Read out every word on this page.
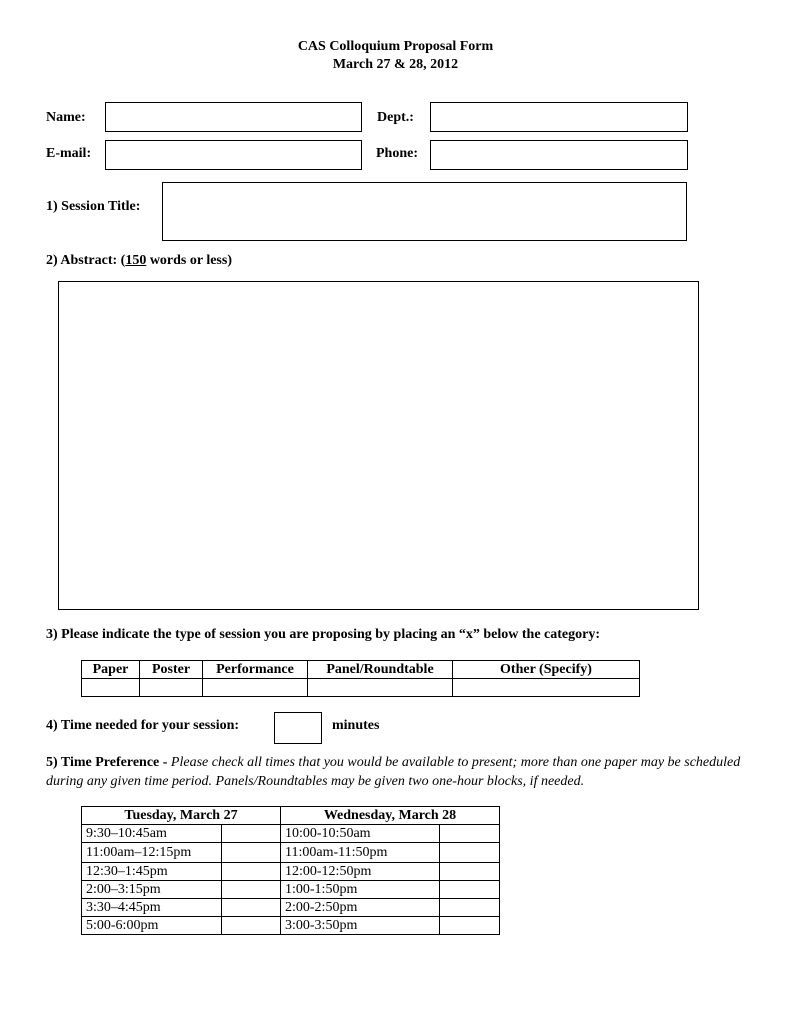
CAS Colloquium Proposal Form
March 27 & 28, 2012
Name:	Dept.:
E-mail:	Phone:
1) Session Title:
2) Abstract: (150 words or less)
3) Please indicate the type of session you are proposing by placing an “x” below the category:
Paper	Poster	Performance	Panel/Roundtable	Other (Specify)

4) Time needed for your session:	minutes
5) Time Preference - Please check all times that you would be available to present; more than one paper may be scheduled during any given time period. Panels/Roundtables may be given two one-hour blocks, if needed.
Tuesday, March 27		Wednesday, March 28	
9:30–10:45am		10:00-10:50am	
11:00am–12:15pm		11:00am-11:50pm	
12:30–1:45pm		12:00-12:50pm	
2:00–3:15pm		1:00-1:50pm	
3:30–4:45pm		2:00-2:50pm	
5:00-6:00pm		3:00-3:50pm	
